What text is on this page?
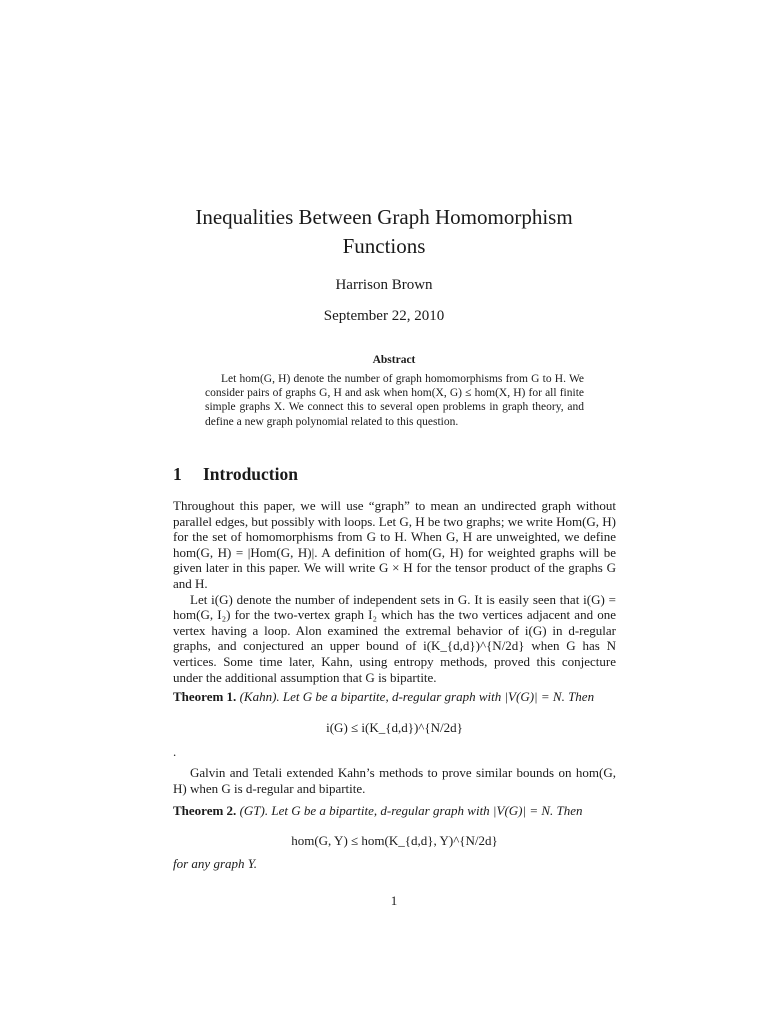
Inequalities Between Graph Homomorphism
Functions
Harrison Brown
September 22, 2010
Abstract

Let hom(G, H) denote the number of graph homomorphisms from G to H. We consider pairs of graphs G, H and ask when hom(X, G) ≤ hom(X, H) for all finite simple graphs X. We connect this to several open problems in graph theory, and define a new graph polynomial related to this question.

1 Introduction

Throughout this paper, we will use “graph” to mean an undirected graph without parallel edges, but possibly with loops. Let G, H be two graphs; we write Hom(G, H) for the set of homomorphisms from G to H. When G, H are unweighted, we define hom(G, H) = |Hom(G, H)|. A definition of hom(G, H) for weighted graphs will be given later in this paper. We will write G × H for the tensor product of the graphs G and H.

Let i(G) denote the number of independent sets in G. It is easily seen that i(G) = hom(G, I₂) for the two-vertex graph I₂ which has the two vertices adjacent and one vertex having a loop. Alon examined the extremal behavior of i(G) in d-regular graphs, and conjectured an upper bound of i(K_{d,d})^{N/2d} when G has N vertices. Some time later, Kahn, using entropy methods, proved this conjecture under the additional assumption that G is bipartite.

Theorem 1. (Kahn). Let G be a bipartite, d-regular graph with |V(G)| = N. Then

i(G) ≤ i(K_{d,d})^{N/2d}
.

Galvin and Tetali extended Kahn’s methods to prove similar bounds on hom(G, H) when G is d-regular and bipartite.

Theorem 2. (GT). Let G be a bipartite, d-regular graph with |V(G)| = N. Then

hom(G, Y) ≤ hom(K_{d,d}, Y)^{N/2d}
for any graph Y.
1
